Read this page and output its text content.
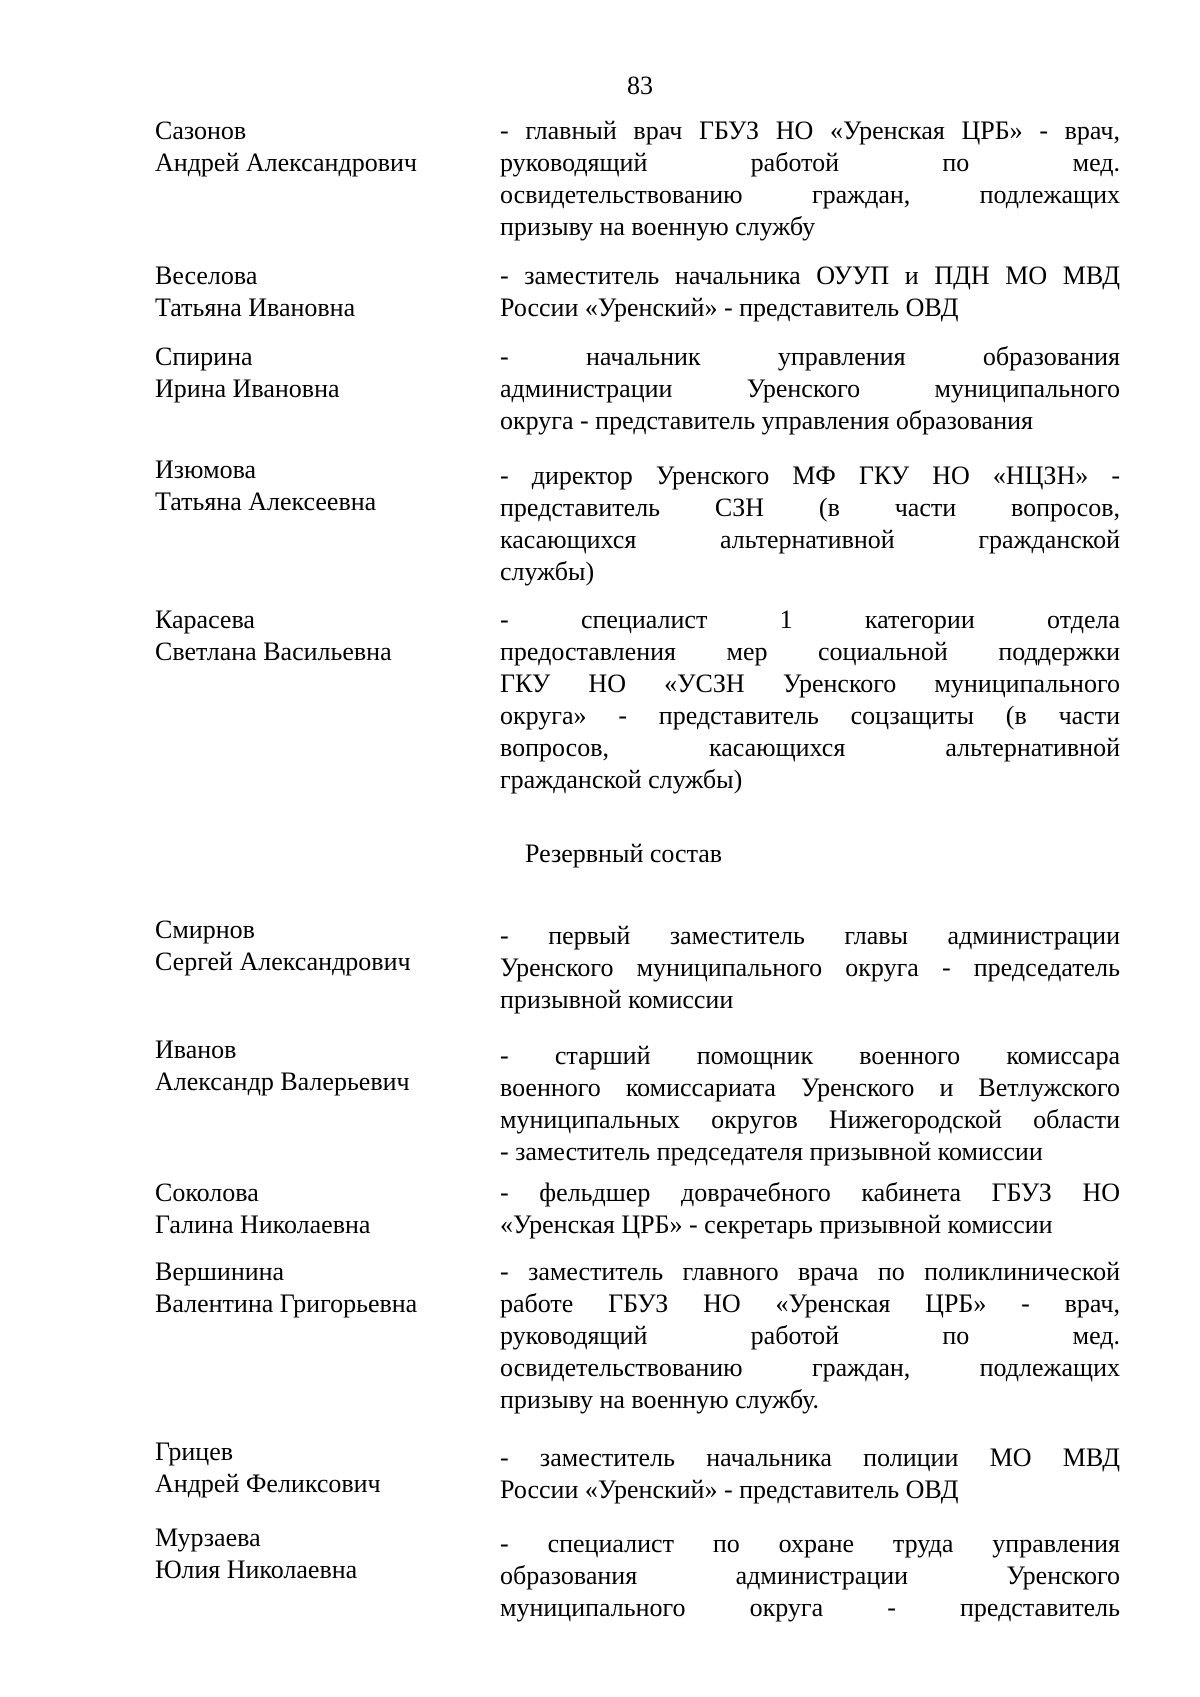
83
Сазонов
Андрей Александрович
- главный врач ГБУЗ НО «Уренская ЦРБ» - врач,
руководящий работой по мед.
освидетельствованию граждан, подлежащих
призыву на военную службу
Веселова
Татьяна Ивановна
- заместитель начальника ОУУП и ПДН МО МВД
России «Уренский» - представитель ОВД
Спирина
Ирина Ивановна
- начальник управления образования
администрации Уренского муниципального
округа - представитель управления образования
Изюмова
Татьяна Алексеевна
- директор Уренского МФ ГКУ НО «НЦЗН» -
представитель СЗН (в части вопросов,
касающихся альтернативной гражданской
службы)
Карасева
Светлана Васильевна
- специалист 1 категории отдела
предоставления мер социальной поддержки
ГКУ НО «УСЗН Уренского муниципального
округа» - представитель соцзащиты (в части
вопросов, касающихся альтернативной
гражданской службы)
Резервный состав
Смирнов
Сергей Александрович
- первый заместитель главы администрации
Уренского муниципального округа - председатель
призывной комиссии
Иванов
Александр Валерьевич
- старший помощник военного комиссара
военного комиссариата Уренского и Ветлужского
муниципальных округов Нижегородской области
- заместитель председателя призывной комиссии
Соколова
Галина Николаевна
- фельдшер доврачебного кабинета ГБУЗ НО
«Уренская ЦРБ» - секретарь призывной комиссии
Вершинина
Валентина Григорьевна
- заместитель главного врача по поликлинической
работе ГБУЗ НО «Уренская ЦРБ» - врач,
руководящий работой по мед.
освидетельствованию граждан, подлежащих
призыву на военную службу.
Грицев
Андрей Феликсович
- заместитель начальника полиции МО МВД
России «Уренский» - представитель ОВД
Мурзаева
Юлия Николаевна
- специалист по охране труда управления
образования администрации Уренского
муниципального округа - представитель
